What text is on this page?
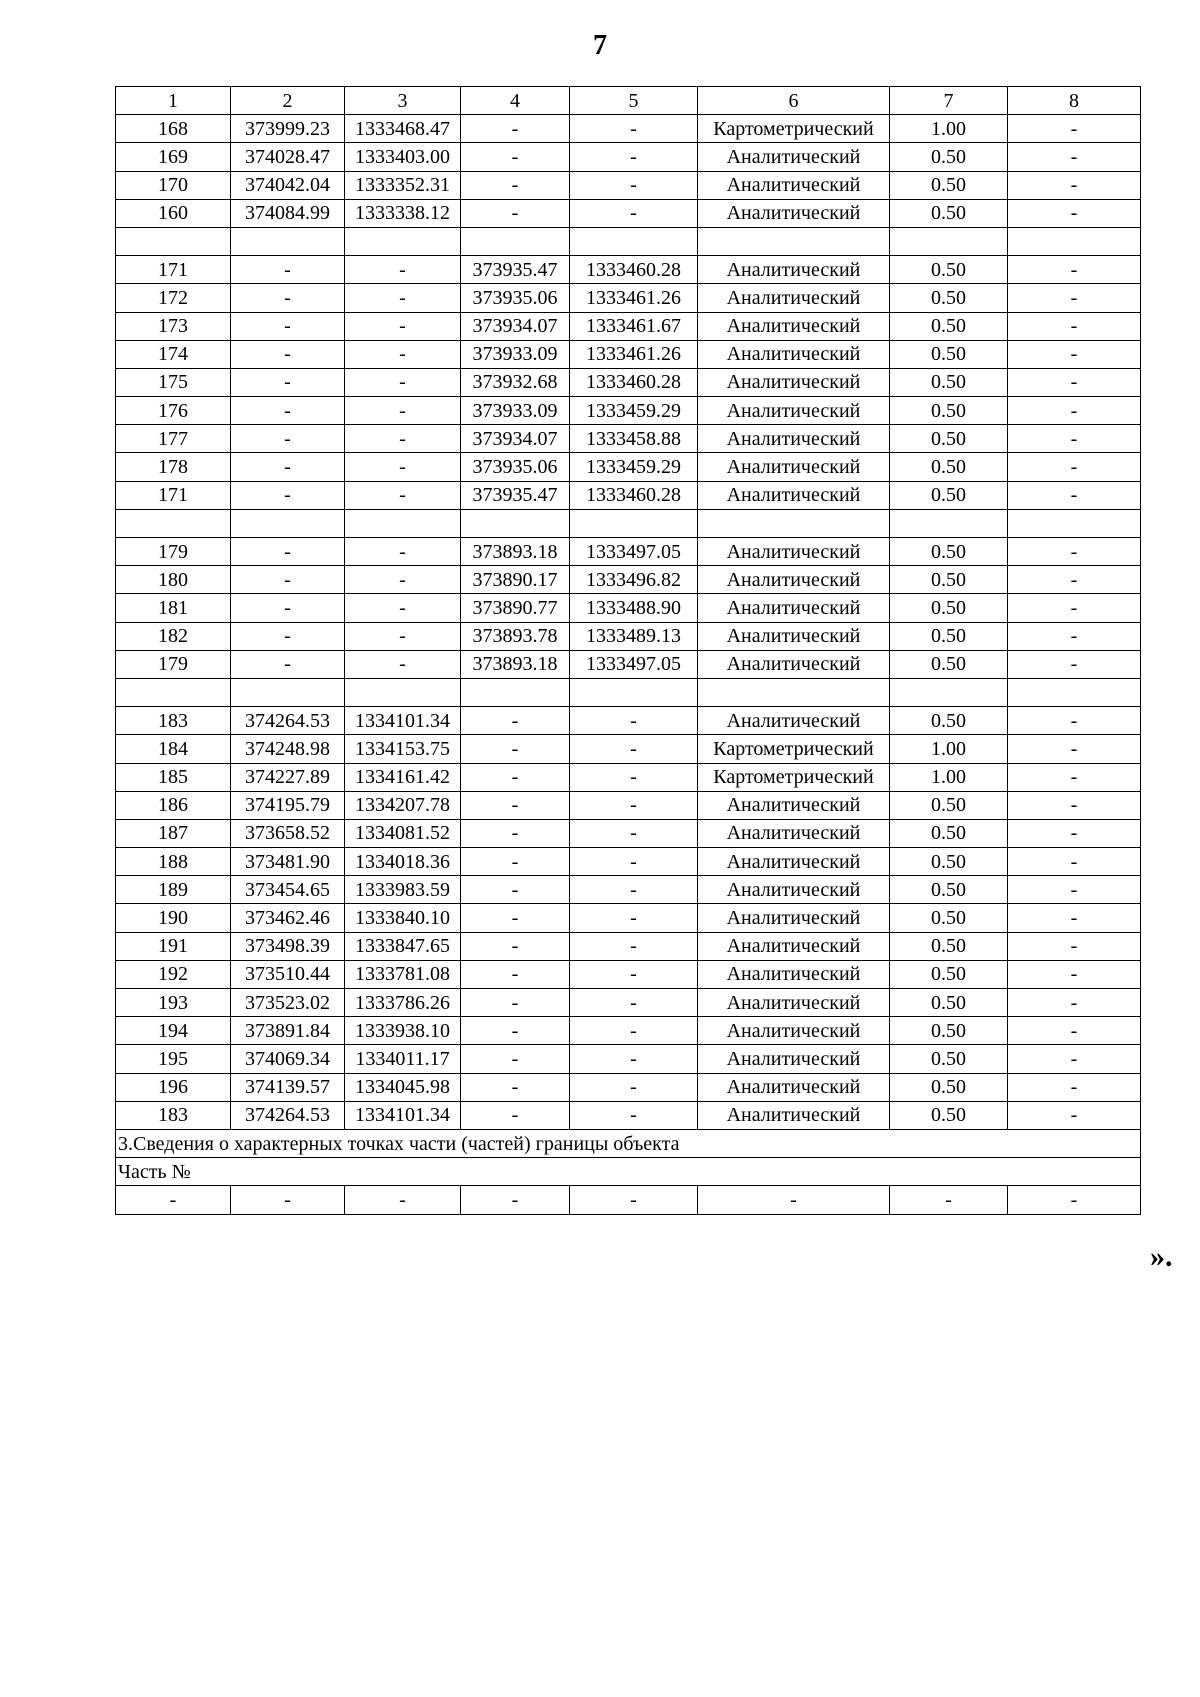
7
1	2	3	4	5	6	7	8
168	373999.23	1333468.47	-	-	Картометрический	1.00	-
169	374028.47	1333403.00	-	-	Аналитический	0.50	-
170	374042.04	1333352.31	-	-	Аналитический	0.50	-
160	374084.99	1333338.12	-	-	Аналитический	0.50	-

171	-	-	373935.47	1333460.28	Аналитический	0.50	-
172	-	-	373935.06	1333461.26	Аналитический	0.50	-
173	-	-	373934.07	1333461.67	Аналитический	0.50	-
174	-	-	373933.09	1333461.26	Аналитический	0.50	-
175	-	-	373932.68	1333460.28	Аналитический	0.50	-
176	-	-	373933.09	1333459.29	Аналитический	0.50	-
177	-	-	373934.07	1333458.88	Аналитический	0.50	-
178	-	-	373935.06	1333459.29	Аналитический	0.50	-
171	-	-	373935.47	1333460.28	Аналитический	0.50	-

179	-	-	373893.18	1333497.05	Аналитический	0.50	-
180	-	-	373890.17	1333496.82	Аналитический	0.50	-
181	-	-	373890.77	1333488.90	Аналитический	0.50	-
182	-	-	373893.78	1333489.13	Аналитический	0.50	-
179	-	-	373893.18	1333497.05	Аналитический	0.50	-

183	374264.53	1334101.34	-	-	Аналитический	0.50	-
184	374248.98	1334153.75	-	-	Картометрический	1.00	-
185	374227.89	1334161.42	-	-	Картометрический	1.00	-
186	374195.79	1334207.78	-	-	Аналитический	0.50	-
187	373658.52	1334081.52	-	-	Аналитический	0.50	-
188	373481.90	1334018.36	-	-	Аналитический	0.50	-
189	373454.65	1333983.59	-	-	Аналитический	0.50	-
190	373462.46	1333840.10	-	-	Аналитический	0.50	-
191	373498.39	1333847.65	-	-	Аналитический	0.50	-
192	373510.44	1333781.08	-	-	Аналитический	0.50	-
193	373523.02	1333786.26	-	-	Аналитический	0.50	-
194	373891.84	1333938.10	-	-	Аналитический	0.50	-
195	374069.34	1334011.17	-	-	Аналитический	0.50	-
196	374139.57	1334045.98	-	-	Аналитический	0.50	-
183	374264.53	1334101.34	-	-	Аналитический	0.50	-
3.Сведения о характерных точках части (частей) границы объекта							
Часть №							
-	-	-	-	-	-	-	-
».
